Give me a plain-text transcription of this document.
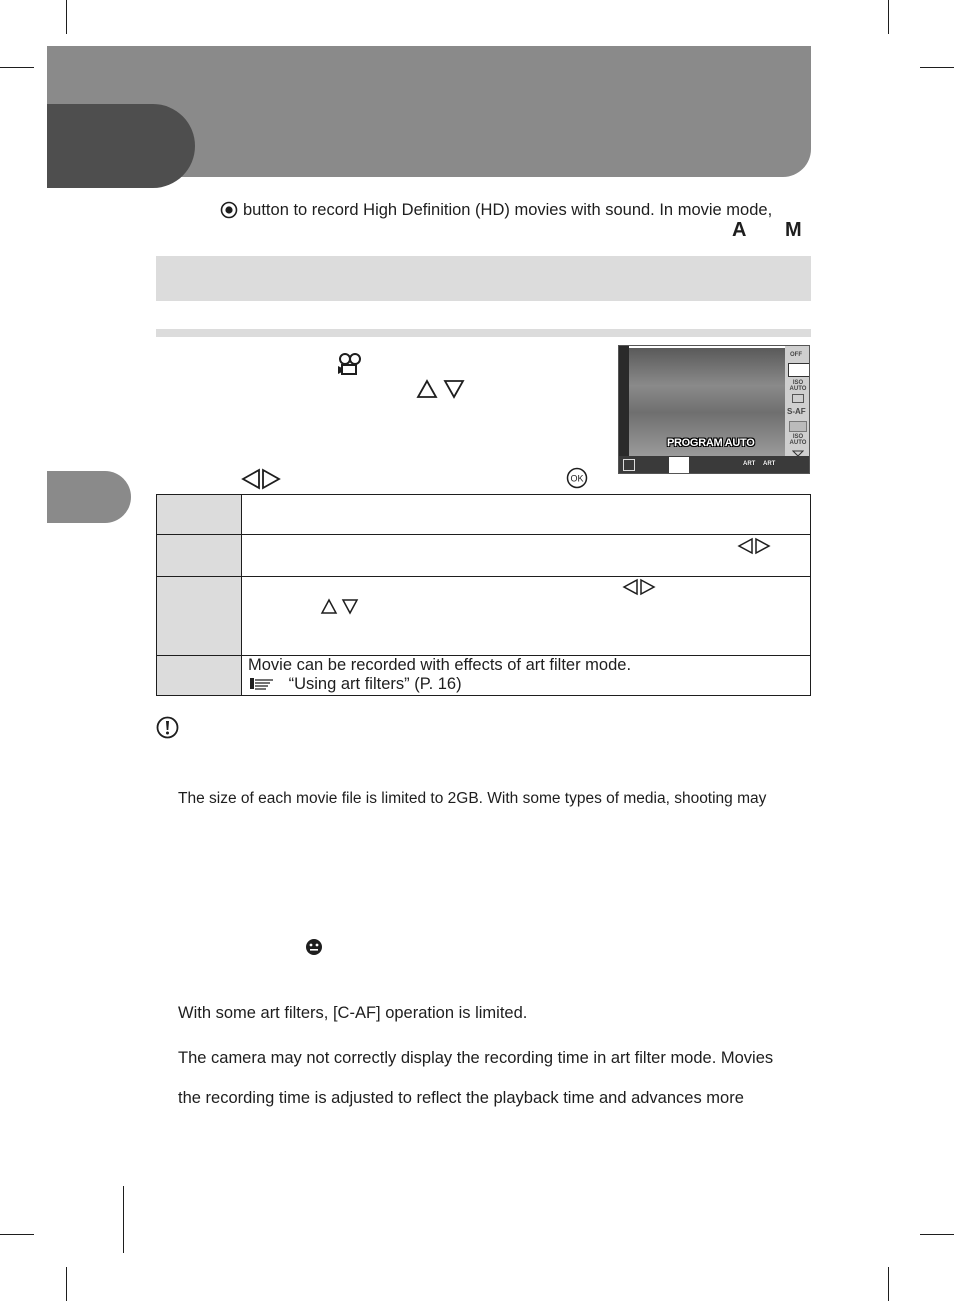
button to record High Definition (HD) movies with sound. In movie mode,
A M
OK
OFF
ISO AUTO
S-AF
ISO AUTO
PROGRAM AUTO
ART ART

	Movie can be recorded with effects of art filter mode.
“Using art filters” (P. 16)
The size of each movie file is limited to 2GB. With some types of media, shooting may
With some art filters, [C-AF] operation is limited.
The camera may not correctly display the recording time in art filter mode. Movies
the recording time is adjusted to reflect the playback time and advances more
